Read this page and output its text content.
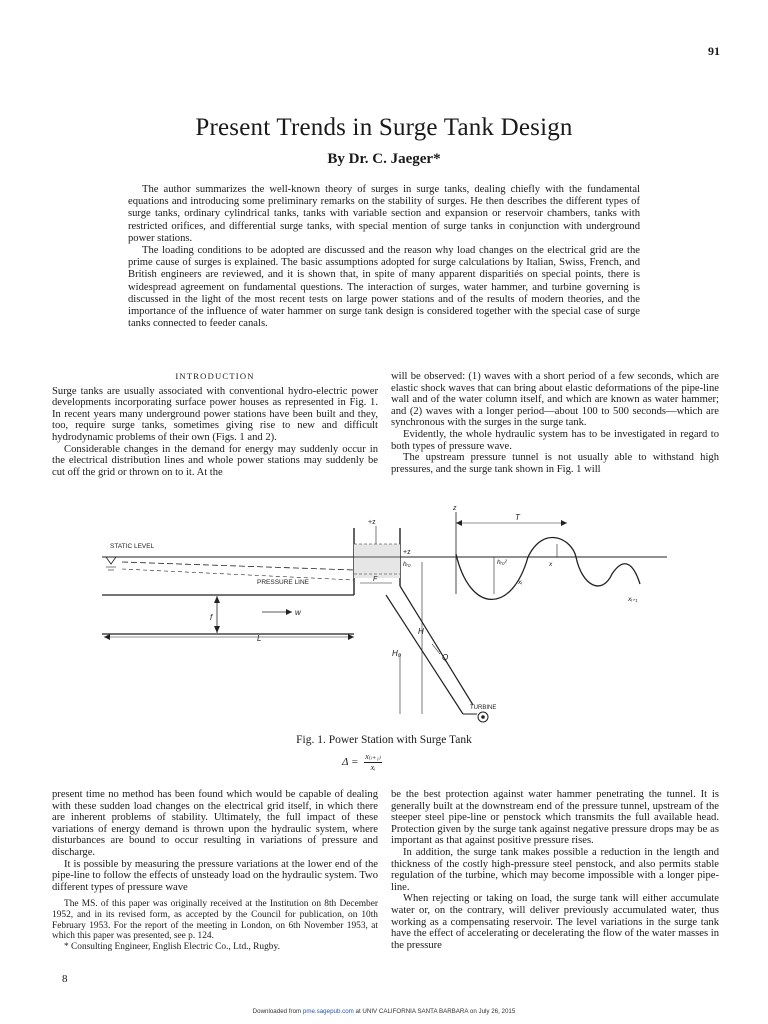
91
Present Trends in Surge Tank Design
By Dr. C. Jaeger*

The author summarizes the well-known theory of surges in surge tanks, dealing chiefly with the fundamental equations and introducing some preliminary remarks on the stability of surges. He then describes the different types of surge tanks, ordinary cylindrical tanks, tanks with variable section and expansion or reservoir chambers, tanks with restricted orifices, and differential surge tanks, with special mention of surge tanks in conjunction with underground power stations.

The loading conditions to be adopted are discussed and the reason why load changes on the electrical grid are the prime cause of surges is explained. The basic assumptions adopted for surge calculations by Italian, Swiss, French, and British engineers are reviewed, and it is shown that, in spite of many apparent disparitiés on special points, there is widespread agreement on fundamental questions. The interaction of surges, water hammer, and turbine governing is discussed in the light of the most recent tests on large power stations and of the results of modern theories, and the importance of the influence of water hammer on surge tank design is considered together with the special case of surge tanks connected to feeder canals.

INTRODUCTION

Surge tanks are usually associated with conventional hydro-electric power developments incorporating surface power houses as represented in Fig. 1. In recent years many underground power stations have been built and they, too, require surge tanks, sometimes giving rise to new and difficult hydrodynamic problems of their own (Figs. 1 and 2).

Considerable changes in the demand for energy may suddenly occur in the electrical distribution lines and whole power stations may suddenly be cut off the grid or thrown on to it. At the

will be observed: (1) waves with a short period of a few seconds, which are elastic shock waves that can bring about elastic deformations of the pipe-line wall and of the water column itself, and which are known as water hammer; and (2) waves with a longer period—about 100 to 500 seconds—which are synchronous with the surges in the surge tank.

Evidently, the whole hydraulic system has to be investigated in regard to both types of pressure wave.

The upstream pressure tunnel is not usually able to withstand high pressures, and the surge tank shown in Fig. 1 will

STATIC LEVEL
PRESSURE LINE
f
w
L
+z
+z
hᵣ₀
F
H
H₀	Q
TURBINE
z
T
hᵣ₀²
xᵢ
x
xᵢ₊₁
Fig. 1. Power Station with Surge Tank
$\Delta = \frac{\text{x₍ᵢ₊₁₎}}{\text{xᵢ}}$

present time no method has been found which would be capable of dealing with these sudden load changes on the electrical grid itself, in which there are inherent problems of stability. Ultimately, the full impact of these variations of energy demand is thrown upon the hydraulic system, where disturbances are bound to occur resulting in variations of pressure and discharge.

It is possible by measuring the pressure variations at the lower end of the pipe-line to follow the effects of unsteady load on the hydraulic system. Two different types of pressure wave

The MS. of this paper was originally received at the Institution on 8th December 1952, and in its revised form, as accepted by the Council for publication, on 10th February 1953. For the report of the meeting in London, on 6th November 1953, at which this paper was presented, see p. 124.

* Consulting Engineer, English Electric Co., Ltd., Rugby.

be the best protection against water hammer penetrating the tunnel. It is generally built at the downstream end of the pressure tunnel, upstream of the steeper steel pipe-line or penstock which transmits the full available head. Protection given by the surge tank against negative pressure drops may be as important as that against positive pressure rises.

In addition, the surge tank makes possible a reduction in the length and thickness of the costly high-pressure steel penstock, and also permits stable regulation of the turbine, which may become impossible with a longer pipe-line.

When rejecting or taking on load, the surge tank will either accumulate water or, on the contrary, will deliver previously accumulated water, thus working as a compensating reservoir. The level variations in the surge tank have the effect of accelerating or decelerating the flow of the water masses in the pressure

8
Downloaded from pme.sagepub.com at UNIV CALIFORNIA SANTA BARBARA on July 26, 2015
